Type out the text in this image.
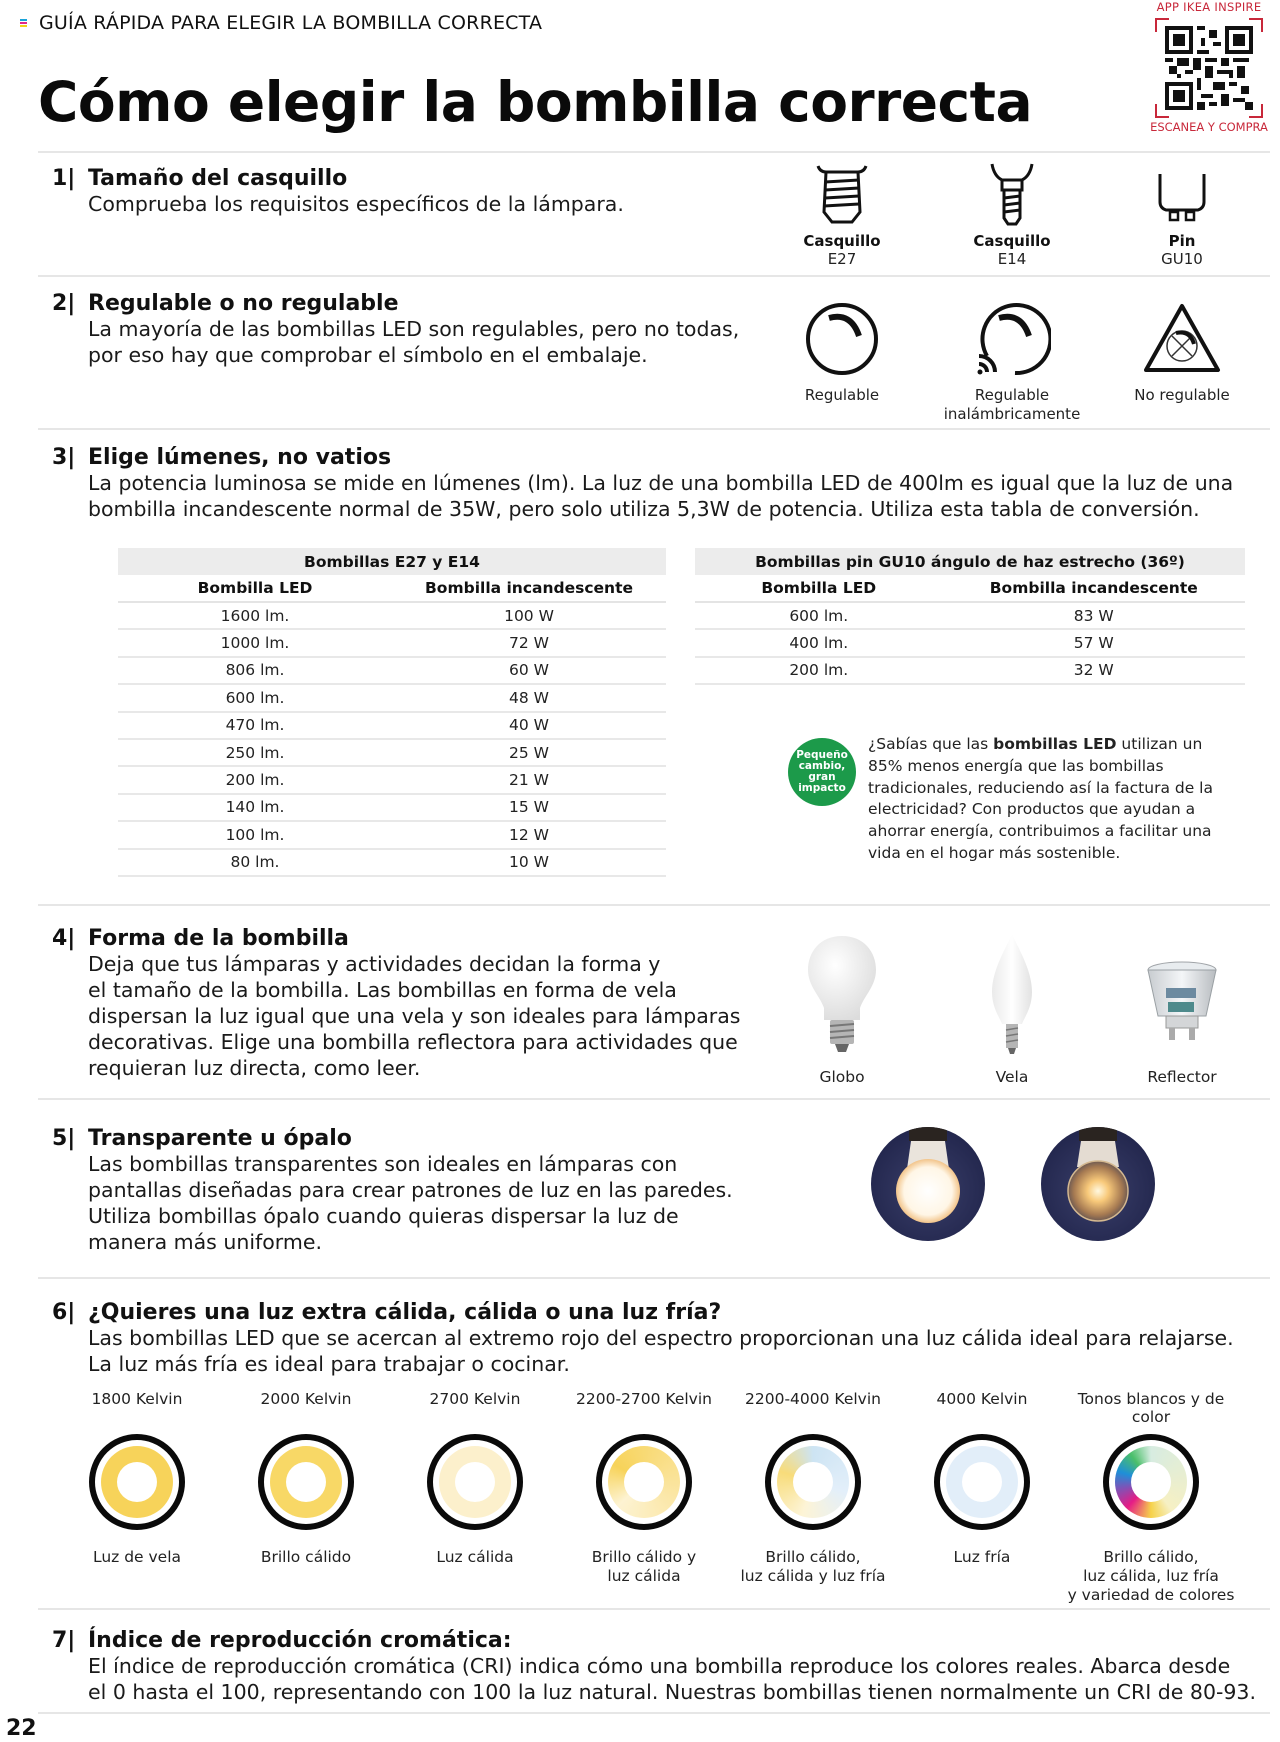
GUÍA RÁPIDA PARA ELEGIR LA BOMBILLA CORRECTA
Cómo elegir la bombilla correcta
APP IKEA INSPIRE
ESCANEA Y COMPRA
1| Tamaño del casquillo
Comprueba los requisitos específicos de la lámpara.
Casquillo
E27
Casquillo
E14
Pin
GU10
2| Regulable o no regulable
La mayoría de las bombillas LED son regulables, pero no todas,
por eso hay que comprobar el símbolo en el embalaje.
Regulable	Regulable
inalámbricamente
No regulable
3| Elige lúmenes, no vatios
La potencia luminosa se mide en lúmenes (lm). La luz de una bombilla LED de 400lm es igual que la luz de una
bombilla incandescente normal de 35W, pero solo utiliza 5,3W de potencia. Utiliza esta tabla de conversión.
Bombillas E27 y E14	
Bombilla LED	Bombilla incandescente
1600 lm.	100 W
1000 lm.	72 W
806 lm.	60 W
600 lm.	48 W
470 lm.	40 W
250 lm.	25 W
200 lm.	21 W
140 lm.	15 W
100 lm.	12 W
80 lm.	10 W
Bombillas pin GU10 ángulo de haz estrecho (36º)	
Bombilla LED	Bombilla incandescente
600 lm.	83 W
400 lm.	57 W
200 lm.	32 W
Pequeño
cambio,
gran
impacto
¿Sabías que las bombillas LED utilizan un 85% menos energía que las bombillas tradicionales, reduciendo así la factura de la electricidad? Con productos que ayudan a ahorrar energía, contribuimos a facilitar una vida en el hogar más sostenible.
4| Forma de la bombilla
Deja que tus lámparas y actividades decidan la forma y
el tamaño de la bombilla. Las bombillas en forma de vela
dispersan la luz igual que una vela y son ideales para lámparas
decorativas. Elige una bombilla reflectora para actividades que
requieran luz directa, como leer.	Globo	Vela	Reflector
5| Transparente u ópalo
Las bombillas transparentes son ideales en lámparas con
pantallas diseñadas para crear patrones de luz en las paredes.
Utiliza bombillas ópalo cuando quieras dispersar la luz de
manera más uniforme.
6| ¿Quieres una luz extra cálida, cálida o una luz fría?
Las bombillas LED que se acercan al extremo rojo del espectro proporcionan una luz cálida ideal para relajarse.
La luz más fría es ideal para trabajar o cocinar.
1800 Kelvin
Luz de vela
2000 Kelvin
Brillo cálido
2700 Kelvin
Luz cálida
2200-2700 Kelvin
Brillo cálido y
luz cálida
2200-4000 Kelvin
Brillo cálido,
luz cálida y luz fría
4000 Kelvin
Luz fría
Tonos blancos y de color
Brillo cálido,
luz cálida, luz fría
y variedad de colores
7| Índice de reproducción cromática:
El índice de reproducción cromática (CRI) indica cómo una bombilla reproduce los colores reales. Abarca desde
el 0 hasta el 100, representando con 100 la luz natural. Nuestras bombillas tienen normalmente un CRI de 80-93.
22
